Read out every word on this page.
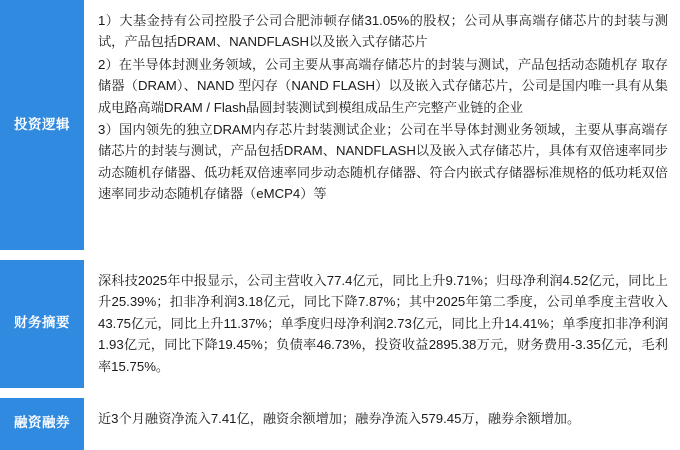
投资逻辑

1）大基金持有公司控股子公司合肥沛顿存储31.05%的股权；公司从事高端存储芯片的封装与测试，产品包括DRAM、NANDFLASH以及嵌入式存储芯片

2）在半导体封测业务领域，公司主要从事高端存储芯片的封装与测试，产品包括动态随机存 取存储器（DRAM）、NAND 型闪存（NAND FLASH）以及嵌入式存储芯片，公司是国内唯一具有从集成电路高端DRAM / Flash晶圆封装测试到模组成品生产完整产业链的企业

3）国内领先的独立DRAM内存芯片封装测试企业；公司在半导体封测业务领域，主要从事高端存储芯片的封装与测试，产品包括DRAM、NANDFLASH以及嵌入式存储芯片，具体有双倍速率同步动态随机存储器、低功耗双倍速率同步动态随机存储器、符合内嵌式存储器标准规格的低功耗双倍速率同步动态随机存储器（eMCP4）等

财务摘要

深科技2025年中报显示，公司主营收入77.4亿元，同比上升9.71%；归母净利润4.52亿元，同比上升25.39%；扣非净利润3.18亿元，同比下降7.87%；其中2025年第二季度，公司单季度主营收入43.75亿元，同比上升11.37%；单季度归母净利润2.73亿元，同比上升14.41%；单季度扣非净利润1.93亿元，同比下降19.45%；负债率46.73%，投资收益2895.38万元，财务费用-3.35亿元，毛利率15.75%。

融资融券	近3个月融资净流入7.41亿，融资余额增加；融券净流入579.45万，融券余额增加。
